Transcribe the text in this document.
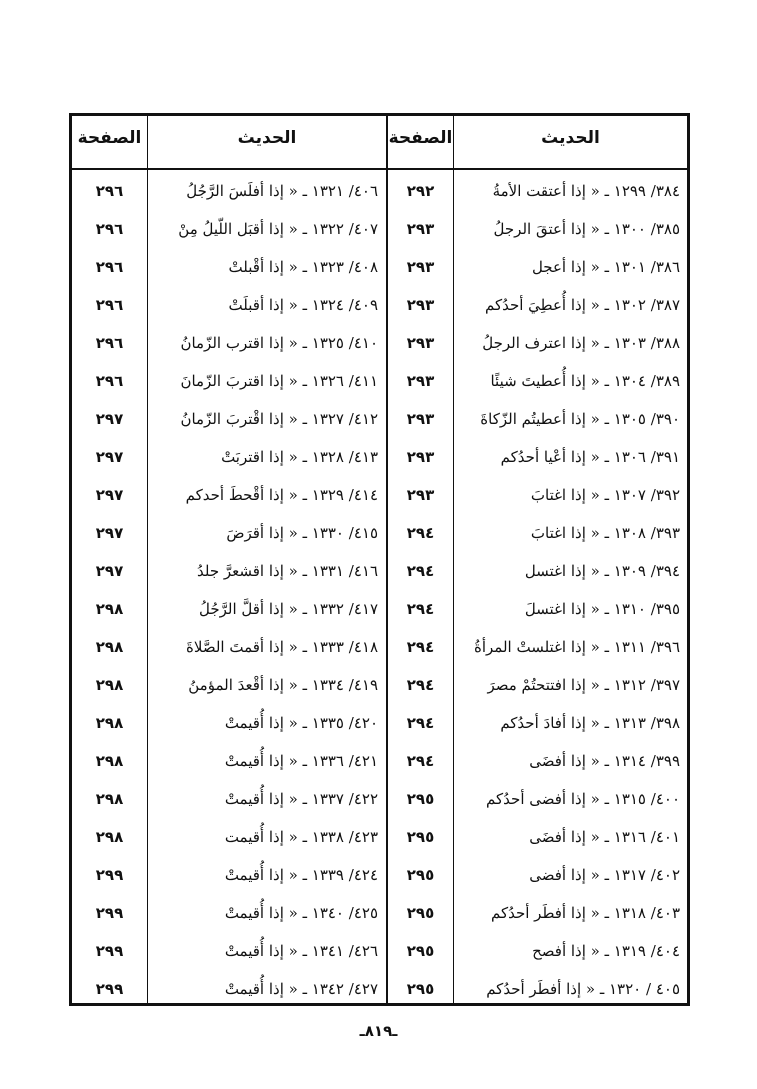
الصفحة	الحديث	الصفحة	الحديث
٢٩٦	٤٠٦/ ١٣٢١ ـ « إذا أفلَسَ الرَّجُلُ	٢٩٢	٣٨٤/ ١٢٩٩ ـ « إذا أعتقت الأمةُ
٢٩٦	٤٠٧/ ١٣٢٢ ـ « إذا أقبَل اللّيلُ مِنْ	٢٩٣	٣٨٥/ ١٣٠٠ ـ « إذا أعتقَ الرجلُ
٢٩٦	٤٠٨/ ١٣٢٣ ـ « إذا أقْبلتْ	٢٩٣	٣٨٦/ ١٣٠١ ـ « إذا أعجل
٢٩٦	٤٠٩/ ١٣٢٤ ـ « إذا أقبلَتْ	٢٩٣	٣٨٧/ ١٣٠٢ ـ « إذا أُعطِيَ أحدُكم
٢٩٦	٤١٠/ ١٣٢٥ ـ « إذا اقترب الزّمانُ	٢٩٣	٣٨٨/ ١٣٠٣ ـ « إذا اعترف الرجلُ
٢٩٦	٤١١/ ١٣٢٦ ـ « إذا اقتربَ الزّمانَ	٢٩٣	٣٨٩/ ١٣٠٤ ـ « إذا أُعطيتَ شيئًا
٢٩٧	٤١٢/ ١٣٢٧ ـ « إذا اقْتربَ الزّمانُ	٢٩٣	٣٩٠/ ١٣٠٥ ـ « إذا أعطيتُم الزّكاةَ
٢٩٧	٤١٣/ ١٣٢٨ ـ « إذا اقتربَتْ	٢٩٣	٣٩١/ ١٣٠٦ ـ « إذا أعْيا أحدُكم
٢٩٧	٤١٤/ ١٣٢٩ ـ « إذا أقْحطَ أحدكم	٢٩٣	٣٩٢/ ١٣٠٧ ـ « إذا اغتابَ
٢٩٧	٤١٥/ ١٣٣٠ ـ « إذا أقرَضَ	٢٩٤	٣٩٣/ ١٣٠٨ ـ « إذا اغتابَ
٢٩٧	٤١٦/ ١٣٣١ ـ « إذا اقشعرَّ جلدُ	٢٩٤	٣٩٤/ ١٣٠٩ ـ « إذا اغتسل
٢٩٨	٤١٧/ ١٣٣٢ ـ « إذا أقلَّ الرَّجُلُ	٢٩٤	٣٩٥/ ١٣١٠ ـ « إذا اغتسلَ
٢٩٨	٤١٨/ ١٣٣٣ ـ « إذا أقمتَ الصَّلاةَ	٢٩٤	٣٩٦/ ١٣١١ ـ « إذا اغتلستْ المرأةُ
٢٩٨	٤١٩/ ١٣٣٤ ـ « إذا أقْعدَ المؤمنُ	٢٩٤	٣٩٧/ ١٣١٢ ـ « إذا افتتحتُمْ مصرَ
٢٩٨	٤٢٠/ ١٣٣٥ ـ « إذا أُقيمتْ	٢٩٤	٣٩٨/ ١٣١٣ ـ « إذا أفادَ أحدُكم
٢٩٨	٤٢١/ ١٣٣٦ ـ « إذا أُقيمتْ	٢٩٤	٣٩٩/ ١٣١٤ ـ « إذا أفضَى
٢٩٨	٤٢٢/ ١٣٣٧ ـ « إذا أُقيمتْ	٢٩٥	٤٠٠/ ١٣١٥ ـ « إذا أفضى أحدُكم
٢٩٨	٤٢٣/ ١٣٣٨ ـ « إذا أُقيمت	٢٩٥	٤٠١/ ١٣١٦ ـ « إذا أفضَى
٢٩٩	٤٢٤/ ١٣٣٩ ـ « إذا أُقيمتْ	٢٩٥	٤٠٢/ ١٣١٧ ـ « إذا أفضى
٢٩٩	٤٢٥/ ١٣٤٠ ـ « إذا أُقيمتْ	٢٩٥	٤٠٣/ ١٣١٨ ـ « إذا أفطَر أحدُكم
٢٩٩	٤٢٦/ ١٣٤١ ـ « إذا أُقيمتْ	٢٩٥	٤٠٤/ ١٣١٩ ـ « إذا أفصح
٢٩٩	٤٢٧/ ١٣٤٢ ـ « إذا أُقيمتْ	٢٩٥	٤٠٥ / ١٣٢٠ ـ « إذا أفطَر أحدُكم
ـ٨١٩ـ
